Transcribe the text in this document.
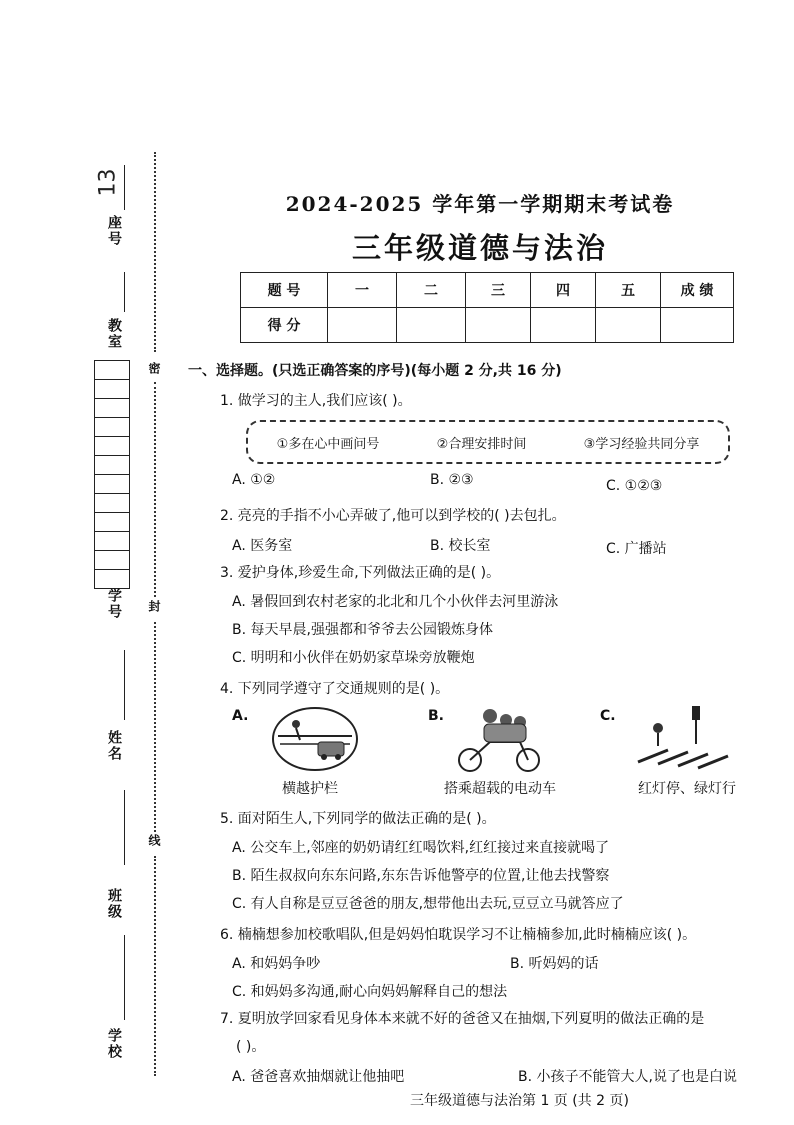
座号
13
教室
学号
姓名
班级
学校
密
封
线
2024-2025 学年第一学期期末考试卷
三年级道德与法治
题 号	一	二	三	四	五	成 绩
得 分						
一、选择题。(只选正确答案的序号)(每小题 2 分,共 16 分)
1. 做学习的主人,我们应该( )。
①多在心中画问号	②合理安排时间	③学习经验共同分享
A. ①②	B. ②③	C. ①②③
2. 亮亮的手指不小心弄破了,他可以到学校的( )去包扎。
A. 医务室	B. 校长室	C. 广播站
3. 爱护身体,珍爱生命,下列做法正确的是( )。
A. 暑假回到农村老家的北北和几个小伙伴去河里游泳
B. 每天早晨,强强都和爷爷去公园锻炼身体
C. 明明和小伙伴在奶奶家草垛旁放鞭炮
4. 下列同学遵守了交通规则的是( )。
A.	B.	C.
横越护栏	搭乘超载的电动车	红灯停、绿灯行
5. 面对陌生人,下列同学的做法正确的是( )。
A. 公交车上,邻座的奶奶请红红喝饮料,红红接过来直接就喝了
B. 陌生叔叔向东东问路,东东告诉他警亭的位置,让他去找警察
C. 有人自称是豆豆爸爸的朋友,想带他出去玩,豆豆立马就答应了
6. 楠楠想参加校歌唱队,但是妈妈怕耽误学习不让楠楠参加,此时楠楠应该( )。
A. 和妈妈争吵	B. 听妈妈的话
C. 和妈妈多沟通,耐心向妈妈解释自己的想法
7. 夏明放学回家看见身体本来就不好的爸爸又在抽烟,下列夏明的做法正确的是
( )。
A. 爸爸喜欢抽烟就让他抽吧	B. 小孩子不能管大人,说了也是白说
三年级道德与法治第 1 页 (共 2 页)
